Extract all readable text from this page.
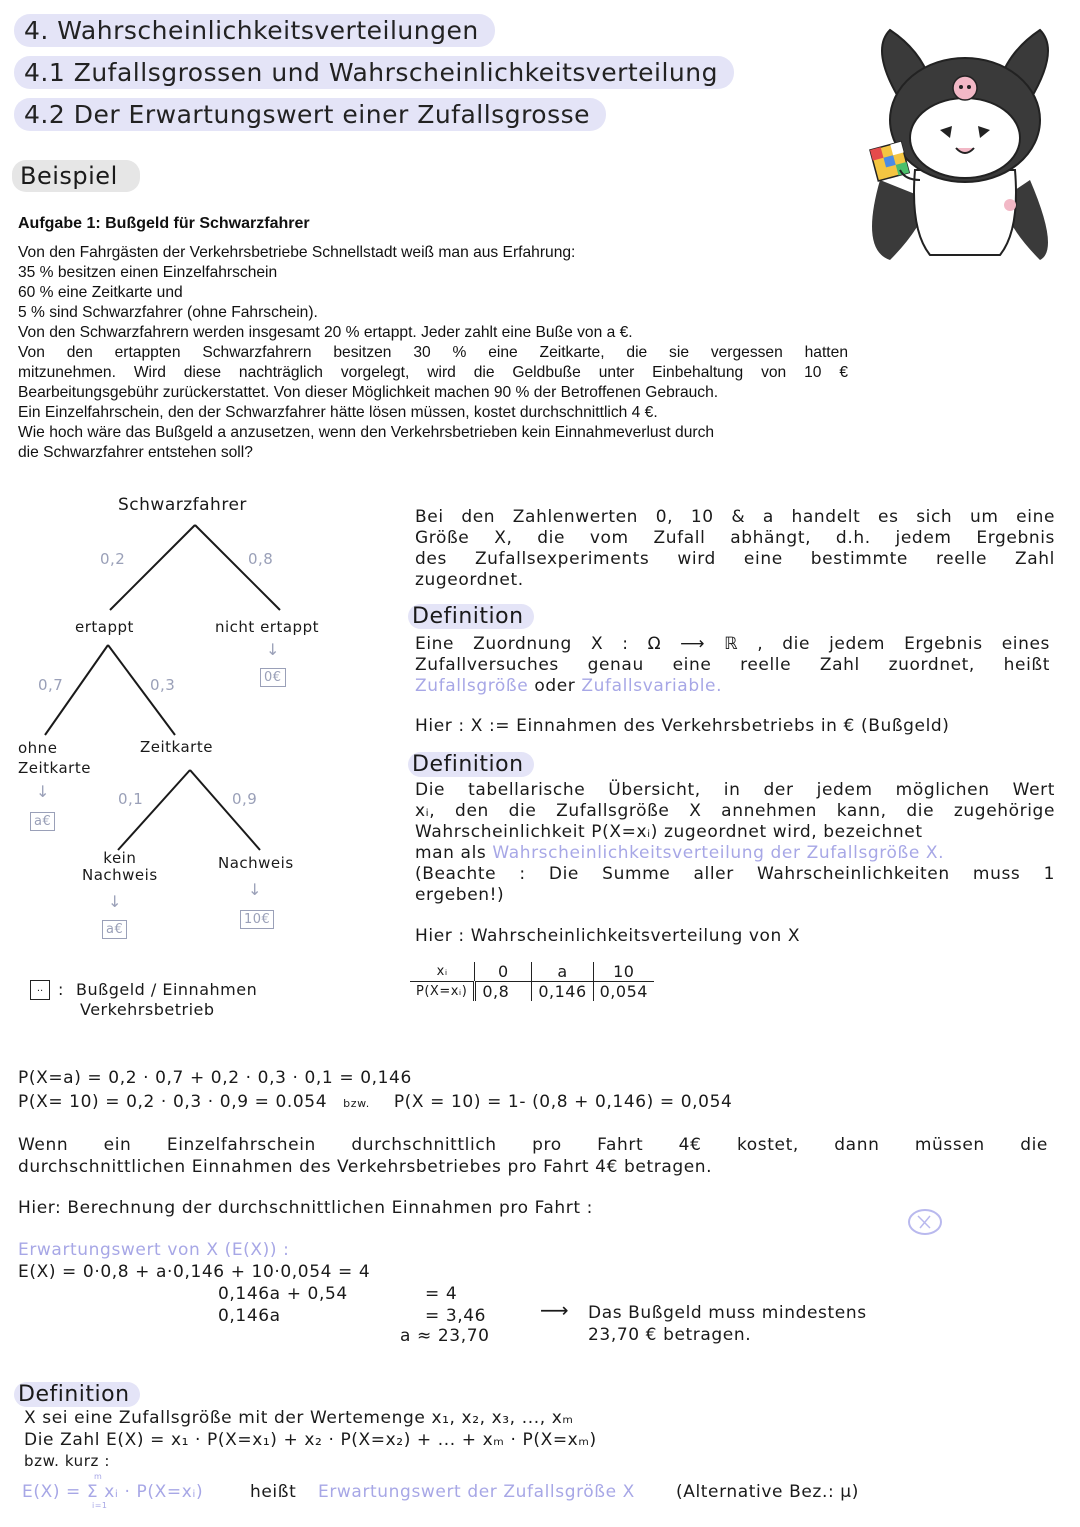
4. Wahrscheinlichkeitsverteilungen
4.1 Zufallsgrossen und Wahrscheinlichkeitsverteilung
4.2 Der Erwartungswert einer Zufallsgrosse
Beispiel
Aufgabe 1: Bußgeld für Schwarzfahrer
Von den Fahrgästen der Verkehrsbetriebe Schnellstadt weiß man aus Erfahrung:
35 % besitzen einen Einzelfahrschein
60 % eine Zeitkarte und
5 % sind Schwarzfahrer (ohne Fahrschein).
Von den Schwarzfahrern werden insgesamt 20 % ertappt. Jeder zahlt eine Buße von a €.
Von den ertappten Schwarzfahrern besitzen 30 % eine Zeitkarte, die sie vergessen hatten
mitzunehmen. Wird diese nachträglich vorgelegt, wird die Geldbuße unter Einbehaltung von 10 €
Bearbeitungsgebühr zurückerstattet. Von dieser Möglichkeit machen 90 % der Betroffenen Gebrauch.
Ein Einzelfahrschein, den der Schwarzfahrer hätte lösen müssen, kostet durchschnittlich 4 €.
Wie hoch wäre das Bußgeld a anzusetzen, wenn den Verkehrsbetrieben kein Einnahmeverlust durch
die Schwarzfahrer entstehen soll?
Schwarzfahrer
0,2	0,8
ertappt	nicht ertappt
↓
0€
0,7	0,3
ohne
Zeitkarte
Zeitkarte
↓
a€
0,1	0,9
kein
Nachweis
Nachweis
↓
↓
a€
10€
..	Bußgeld / Einnahmen
Verkehrsbetrieb
:
Bei den Zahlenwerten 0, 10 & a handelt es sich um eine
Größe X, die vom Zufall abhängt, d.h. jedem Ergebnis
des Zufallsexperiments wird eine bestimmte reelle Zahl
zugeordnet.
Definition
Eine Zuordnung X : Ω ⟶ ℝ , die jedem Ergebnis eines
Zufallversuches genau eine reelle Zahl zuordnet, heißt
Zufallsgröße oder Zufallsvariable.
Hier : X := Einnahmen des Verkehrsbetriebs in € (Bußgeld)
Definition
Die tabellarische Übersicht, in der jedem möglichen Wert
xᵢ, den die Zufallsgröße X annehmen kann, die zugehörige
Wahrscheinlichkeit P(X=xᵢ) zugeordnet wird, bezeichnet
man als Wahrscheinlichkeitsverteilung der Zufallsgröße X.
(Beachte : Die Summe aller Wahrscheinlichkeiten muss 1
ergeben!)
Hier : Wahrscheinlichkeitsverteilung von X
xᵢ	0	a	10
P(X=xᵢ)	0,8	0,146	0,054
P(X=a) = 0,2 · 0,7 + 0,2 · 0,3 · 0,1 = 0,146
P(X= 10) = 0,2 · 0,3 · 0,9 = 0.054 bzw. P(X = 10) = 1- (0,8 + 0,146) = 0,054
Wenn ein Einzelfahrschein durchschnittlich pro Fahrt 4€ kostet, dann müssen die
durchschnittlichen Einnahmen des Verkehrsbetriebes pro Fahrt 4€ betragen.
Hier: Berechnung der durchschnittlichen Einnahmen pro Fahrt :
Erwartungswert von X (E(X)) :
E(X) = 0·0,8 + a·0,146 + 10·0,054 = 4
0,146a + 0,54	= 4
0,146a	= 3,46
a ≈ 23,70
⟶ Das Bußgeld muss mindestens
23,70 € betragen.
Definition
X sei eine Zufallsgröße mit der Wertemenge x₁, x₂, x₃, ..., xₘ
Die Zahl E(X) = x₁ · P(X=x₁) + x₂ · P(X=x₂) + ... + xₘ · P(X=xₘ)
bzw. kurz :
m
i=1
E(X) = Σ xᵢ · P(X=xᵢ)	heißt Erwartungswert der Zufallsgröße X (Alternative Bez.: μ)
